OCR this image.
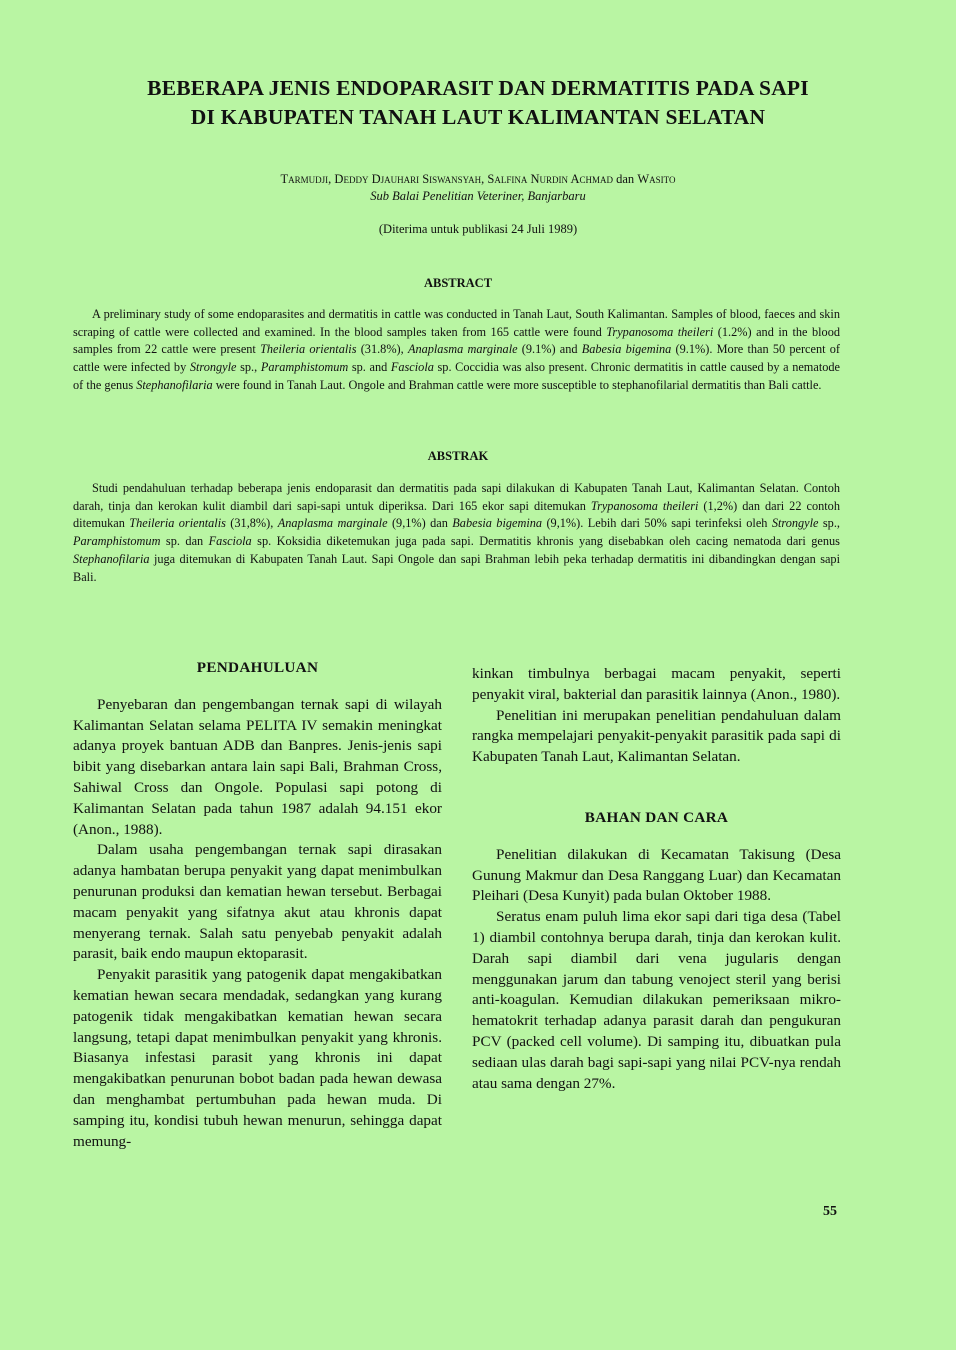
BEBERAPA JENIS ENDOPARASIT DAN DERMATITIS PADA SAPI
DI KABUPATEN TANAH LAUT KALIMANTAN SELATAN
Tarmudji, Deddy Djauhari Siswansyah, Salfina Nurdin Achmad dan Wasito
Sub Balai Penelitian Veteriner, Banjarbaru
(Diterima untuk publikasi 24 Juli 1989)
ABSTRACT

A preliminary study of some endoparasites and dermatitis in cattle was conducted in Tanah Laut, South Kalimantan. Samples of blood, faeces and skin scraping of cattle were collected and examined. In the blood samples taken from 165 cattle were found Trypanosoma theileri (1.2%) and in the blood samples from 22 cattle were present Theileria orientalis (31.8%), Anaplasma marginale (9.1%) and Babesia bigemina (9.1%). More than 50 percent of cattle were infected by Strongyle sp., Paramphistomum sp. and Fasciola sp. Coccidia was also present. Chronic dermatitis in cattle caused by a nematode of the genus Stephanofilaria were found in Tanah Laut. Ongole and Brahman cattle were more susceptible to stephanofilarial dermatitis than Bali cattle.

ABSTRAK

Studi pendahuluan terhadap beberapa jenis endoparasit dan dermatitis pada sapi dilakukan di Kabupaten Tanah Laut, Kalimantan Selatan. Contoh darah, tinja dan kerokan kulit diambil dari sapi-sapi untuk diperiksa. Dari 165 ekor sapi ditemukan Trypanosoma theileri (1,2%) dan dari 22 contoh ditemukan Theileria orientalis (31,8%), Anaplasma marginale (9,1%) dan Babesia bigemina (9,1%). Lebih dari 50% sapi terinfeksi oleh Strongyle sp., Paramphistomum sp. dan Fasciola sp. Koksidia diketemukan juga pada sapi. Dermatitis khronis yang disebabkan oleh cacing nematoda dari genus Stephanofilaria juga ditemukan di Kabupaten Tanah Laut. Sapi Ongole dan sapi Brahman lebih peka terhadap dermatitis ini dibandingkan dengan sapi Bali.

PENDAHULUAN

Penyebaran dan pengembangan ternak sapi di wilayah Kalimantan Selatan selama PELITA IV semakin meningkat adanya proyek bantuan ADB dan Banpres. Jenis-jenis sapi bibit yang disebarkan antara lain sapi Bali, Brahman Cross, Sahiwal Cross dan Ongole. Populasi sapi potong di Kalimantan Selatan pada tahun 1987 adalah 94.151 ekor (Anon., 1988).

Dalam usaha pengembangan ternak sapi dirasakan adanya hambatan berupa penyakit yang dapat menimbulkan penurunan produksi dan kematian hewan tersebut. Berbagai macam penyakit yang sifatnya akut atau khronis dapat menyerang ternak. Salah satu penyebab penyakit adalah parasit, baik endo maupun ektoparasit.

Penyakit parasitik yang patogenik dapat mengakibatkan kematian hewan secara mendadak, sedangkan yang kurang patogenik tidak mengakibatkan kematian hewan secara langsung, tetapi dapat menimbulkan penyakit yang khronis. Biasanya infestasi parasit yang khronis ini dapat mengakibatkan penurunan bobot badan pada hewan dewasa dan menghambat pertumbuhan pada hewan muda. Di samping itu, kondisi tubuh hewan menurun, sehingga dapat memung-

kinkan timbulnya berbagai macam penyakit, seperti penyakit viral, bakterial dan parasitik lainnya (Anon., 1980).

Penelitian ini merupakan penelitian pendahuluan dalam rangka mempelajari penyakit-penyakit parasitik pada sapi di Kabupaten Tanah Laut, Kalimantan Selatan.

BAHAN DAN CARA

Penelitian dilakukan di Kecamatan Takisung (Desa Gunung Makmur dan Desa Ranggang Luar) dan Kecamatan Pleihari (Desa Kunyit) pada bulan Oktober 1988.

Seratus enam puluh lima ekor sapi dari tiga desa (Tabel 1) diambil contohnya berupa darah, tinja dan kerokan kulit. Darah sapi diambil dari vena jugularis dengan menggunakan jarum dan tabung venoject steril yang berisi anti-koagulan. Kemudian dilakukan pemeriksaan mikro-hematokrit terhadap adanya parasit darah dan pengukuran PCV (packed cell volume). Di samping itu, dibuatkan pula sediaan ulas darah bagi sapi-sapi yang nilai PCV-nya rendah atau sama dengan 27%.

55
